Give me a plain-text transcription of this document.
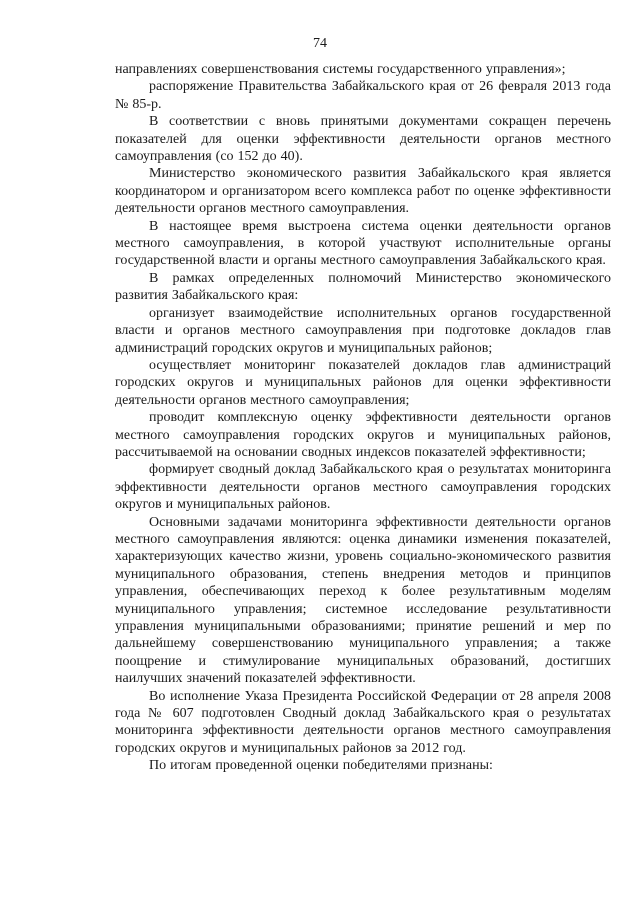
74

направлениях совершенствования системы государственного управления»;

распоряжение Правительства Забайкальского края от 26 февраля 2013 года № 85-р.

В соответствии с вновь принятыми документами сокращен перечень показателей для оценки эффективности деятельности органов местного самоуправления (со 152 до 40).

Министерство экономического развития Забайкальского края является координатором и организатором всего комплекса работ по оценке эффективности деятельности органов местного самоуправления.

В настоящее время выстроена система оценки деятельности органов местного самоуправления, в которой участвуют исполнительные органы государственной власти и органы местного самоуправления Забайкальского края.

В рамках определенных полномочий Министерство экономического развития Забайкальского края:

организует взаимодействие исполнительных органов государственной власти и органов местного самоуправления при подготовке докладов глав администраций городских округов и муниципальных районов;

осуществляет мониторинг показателей докладов глав администраций городских округов и муниципальных районов для оценки эффективности деятельности органов местного самоуправления;

проводит комплексную оценку эффективности деятельности органов местного самоуправления городских округов и муниципальных районов, рассчитываемой на основании сводных индексов показателей эффективности;

формирует сводный доклад Забайкальского края о результатах мониторинга эффективности деятельности органов местного самоуправления городских округов и муниципальных районов.

Основными задачами мониторинга эффективности деятельности органов местного самоуправления являются: оценка динамики изменения показателей, характеризующих качество жизни, уровень социально-экономического развития муниципального образования, степень внедрения методов и принципов управления, обеспечивающих переход к более результативным моделям муниципального управления; системное исследование результативности управления муниципальными образованиями; принятие решений и мер по дальнейшему совершенствованию муниципального управления; а также поощрение и стимулирование муниципальных образований, достигших наилучших значений показателей эффективности.

Во исполнение Указа Президента Российской Федерации от 28 апреля 2008 года № 607 подготовлен Сводный доклад Забайкальского края о результатах мониторинга эффективности деятельности органов местного самоуправления городских округов и муниципальных районов за 2012 год.

По итогам проведенной оценки победителями признаны:
